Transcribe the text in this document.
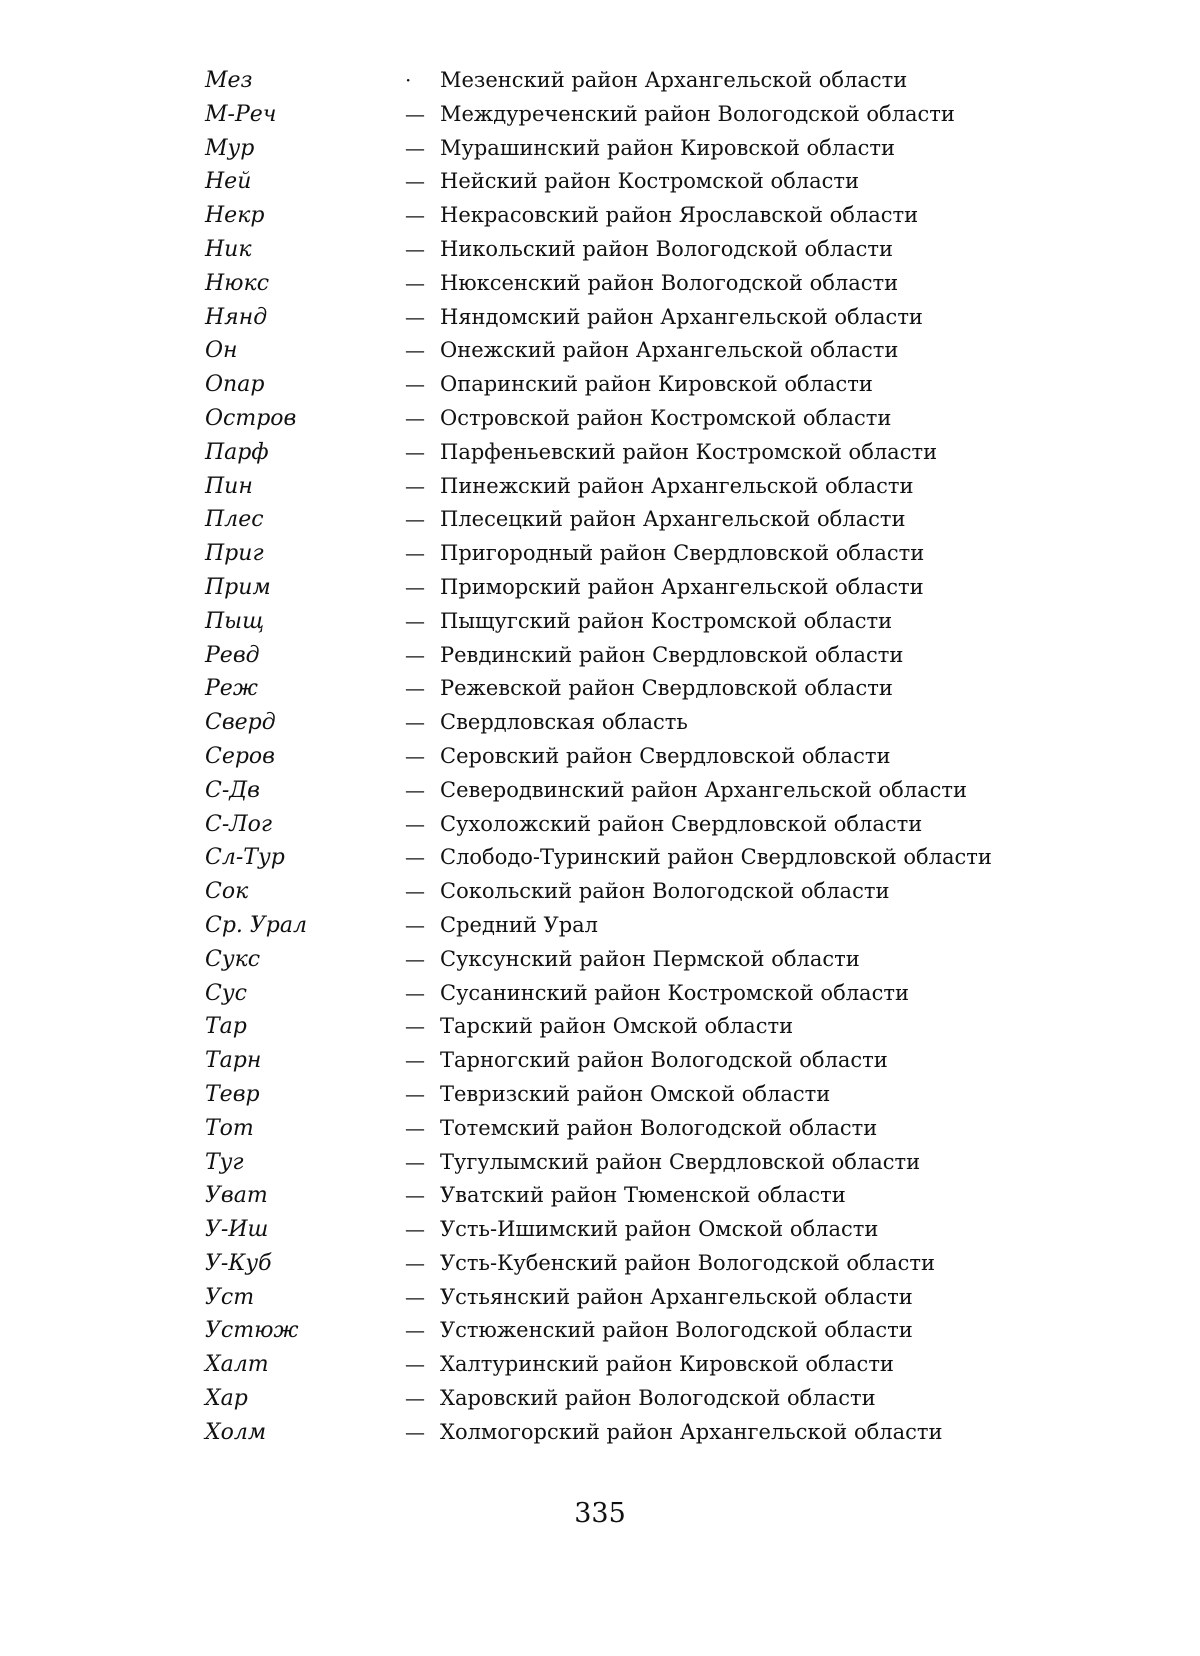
Мез	· Мезенский район Архангельской области
М-Реч	— Междуреченский район Вологодской области
Мур	— Мурашинский район Кировской области
Ней	— Нейский район Костромской области
Некр	— Некрасовский район Ярославской области
Ник	— Никольский район Вологодской области
Нюкс	— Нюксенский район Вологодской области
Нянд	— Няндомский район Архангельской области
Он	— Онежский район Архангельской области
Опар	— Опаринский район Кировской области
Остров	— Островской район Костромской области
Парф	— Парфеньевский район Костромской области
Пин	— Пинежский район Архангельской области
Плес	— Плесецкий район Архангельской области
Приг	— Пригородный район Свердловской области
Прим	— Приморский район Архангельской области
Пыщ	— Пыщугский район Костромской области
Ревд	— Ревдинский район Свердловской области
Реж	— Режевской район Свердловской области
Сверд	— Свердловская область
Серов	— Серовский район Свердловской области
С-Дв	— Северодвинский район Архангельской области
С-Лог	— Сухоложский район Свердловской области
Сл-Тур	— Слободо-Туринский район Свердловской области
Сок	— Сокольский район Вологодской области
Ср. Урал	— Средний Урал
Сукс	— Суксунский район Пермской области
Сус	— Сусанинский район Костромской области
Тар	— Тарский район Омской области
Тарн	— Тарногский район Вологодской области
Тевр	— Тевризский район Омской области
Тот	— Тотемский район Вологодской области
Туг	— Тугулымский район Свердловской области
Уват	— Уватский район Тюменской области
У-Иш	— Усть-Ишимский район Омской области
У-Куб	— Усть-Кубенский район Вологодской области
Уст	— Устьянский район Архангельской области
Устюж	— Устюженский район Вологодской области
Халт	— Халтуринский район Кировской области
Хар	— Харовский район Вологодской области
Холм	— Холмогорский район Архангельской области
335
